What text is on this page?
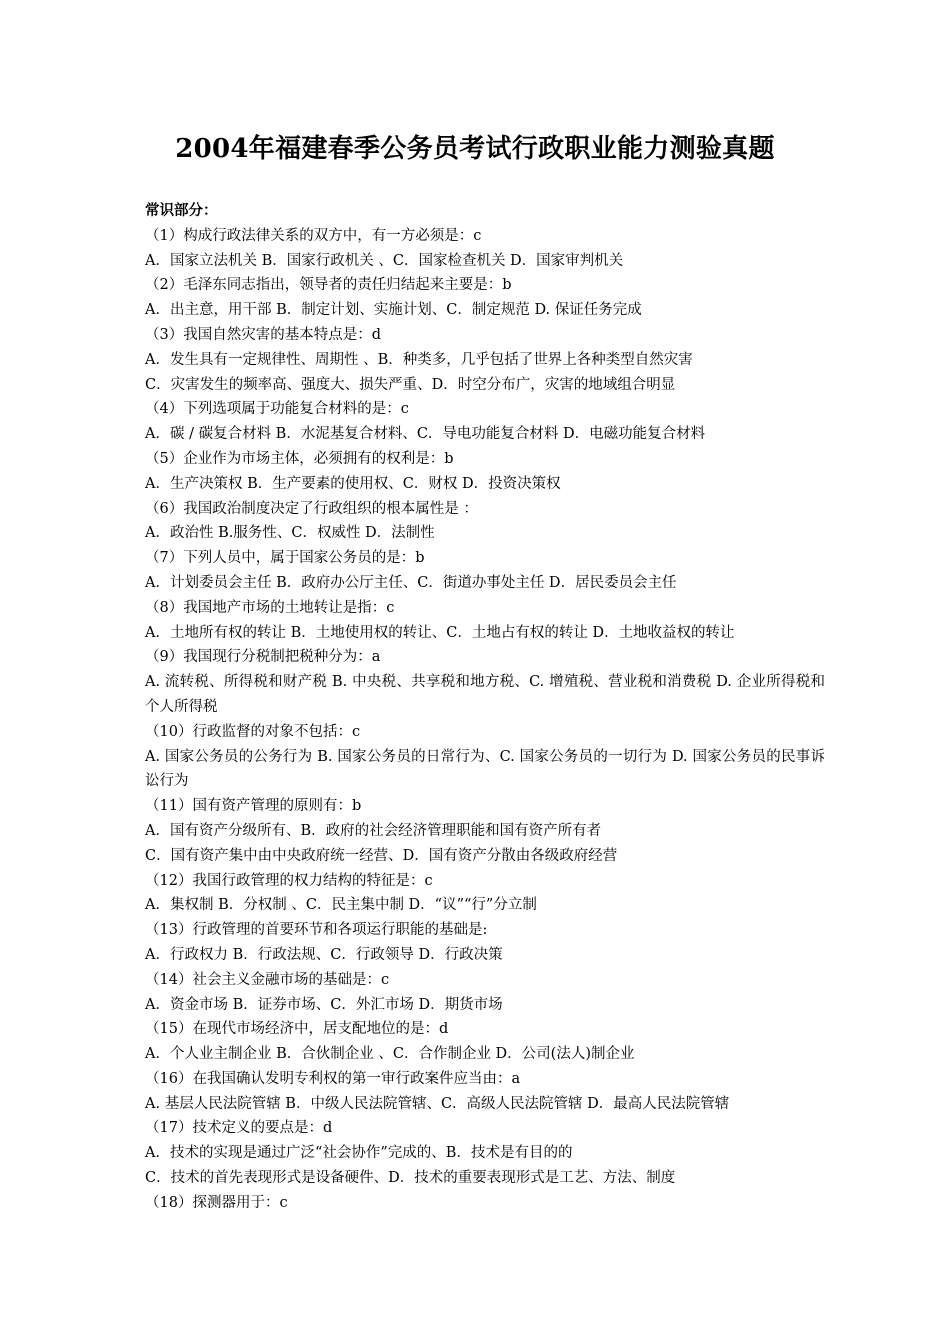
2004年福建春季公务员考试行政职业能力测验真题
常识部分：
（1）构成行政法律关系的双方中，有一方必须是：c
A．国家立法机关 B．国家行政机关 、C．国家检查机关 D．国家审判机关
（2）毛泽东同志指出，领导者的责任归结起来主要是：b
A．出主意，用干部 B．制定计划、实施计划、C．制定规范 D. 保证任务完成
（3）我国自然灾害的基本特点是：d
A．发生具有一定规律性、周期性 、B．种类多，几乎包括了世界上各种类型自然灾害
C．灾害发生的频率高、强度大、损失严重、D．时空分布广，灾害的地域组合明显
（4）下列选项属于功能复合材料的是：c
A．碳 / 碳复合材料 B．水泥基复合材料、C．导电功能复合材料 D．电磁功能复合材料
（5）企业作为市场主体，必须拥有的权利是：b
A．生产决策权 B．生产要素的使用权、C．财权 D．投资决策权
（6）我国政治制度决定了行政组织的根本属性是 ：
A．政治性 B.服务性、C．权威性 D．法制性
（7）下列人员中，属于国家公务员的是：b
A．计划委员会主任 B．政府办公厅主任、C．街道办事处主任 D．居民委员会主任
（8）我国地产市场的土地转让是指：c
A．土地所有权的转让 B．土地使用权的转让、C．土地占有权的转让 D．土地收益权的转让
（9）我国现行分税制把税种分为：a
A. 流转税、所得税和财产税 B. 中央税、共享税和地方税、C. 增殖税、营业税和消费税 D. 企业所得税和个人所得税
（10）行政监督的对象不包括：c
A. 国家公务员的公务行为 B. 国家公务员的日常行为、C. 国家公务员的一切行为 D. 国家公务员的民事诉讼行为
（11）国有资产管理的原则有：b
A．国有资产分级所有、B．政府的社会经济管理职能和国有资产所有者
C．国有资产集中由中央政府统一经营、D．国有资产分散由各级政府经营
（12）我国行政管理的权力结构的特征是：c
A．集权制 B．分权制 、C．民主集中制 D．“议”“行”分立制
（13）行政管理的首要环节和各项运行职能的基础是:
A．行政权力 B．行政法规、C．行政领导 D．行政决策
（14）社会主义金融市场的基础是：c
A．资金市场 B．证券市场、C．外汇市场 D．期货市场
（15）在现代市场经济中，居支配地位的是：d
A．个人业主制企业 B．合伙制企业 、C．合作制企业 D．公司(法人)制企业
（16）在我国确认发明专利权的第一审行政案件应当由：a
A. 基层人民法院管辖 B．中级人民法院管辖、C．高级人民法院管辖 D．最高人民法院管辖
（17）技术定义的要点是：d
A．技术的实现是通过广泛“社会协作”完成的、B．技术是有目的的
C．技术的首先表现形式是设备硬件、D．技术的重要表现形式是工艺、方法、制度
（18）探测器用于：c
